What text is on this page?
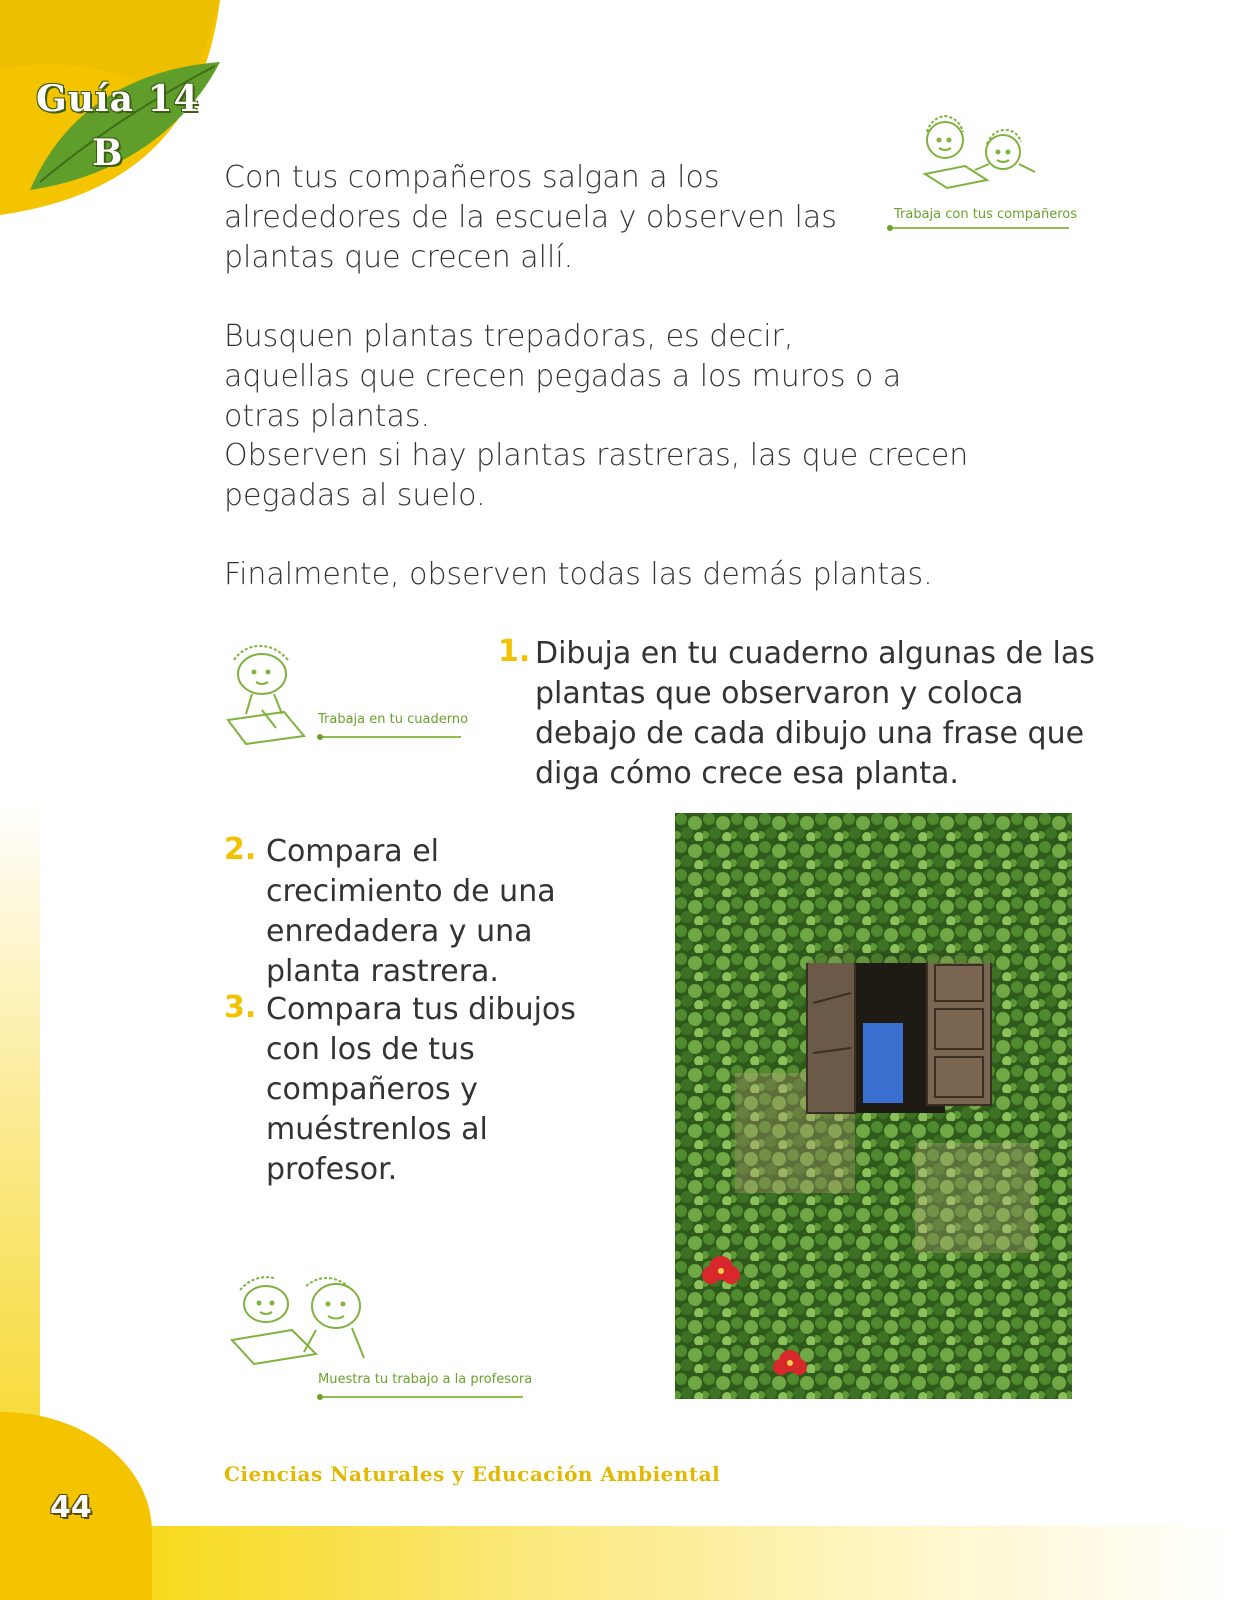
Guía 14
B
Trabaja con tus compañeros

Con tus compañeros salgan a los alrededores de la escuela y observen las plantas que crecen allí.

Busquen plantas trepadoras, es decir, aquellas que crecen pegadas a los muros o a otras plantas.

Observen si hay plantas rastreras, las que crecen pegadas al suelo.

Finalmente, observen todas las demás plantas.

Trabaja en tu cuaderno
1. Dibuja en tu cuaderno algunas de las plantas que observaron y coloca debajo de cada dibujo una frase que diga cómo crece esa planta.
2. Compara el crecimiento de una enredadera y una planta rastrera.
3. Compara tus dibujos con los de tus compañeros y muéstrenlos al profesor.
Muestra tu trabajo a la profesora
44
Ciencias Naturales y Educación Ambiental
